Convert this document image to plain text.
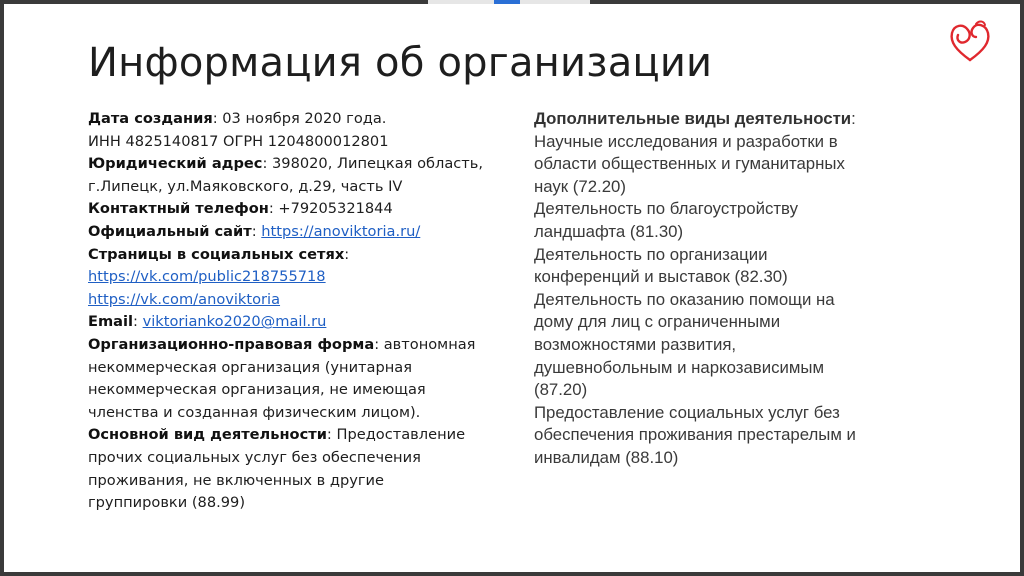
Информация об организации
Дата создания: 03 ноября 2020 года.
ИНН 4825140817 ОГРН 1204800012801
Юридический адрес: 398020, Липецкая область,
г.Липецк, ул.Маяковского, д.29, часть IV
Контактный телефон: +79205321844
Официальный сайт: https://anoviktoria.ru/
Страницы в социальных сетях:
https://vk.com/public218755718
https://vk.com/anoviktoria
Email: viktorianko2020@mail.ru
Организационно-правовая форма: автономная
некоммерческая организация (унитарная
некоммерческая организация, не имеющая
членства и созданная физическим лицом).
Основной вид деятельности: Предоставление
прочих социальных услуг без обеспечения
проживания, не включенных в другие
группировки (88.99)
Дополнительные виды деятельности:
Научные исследования и разработки в
области общественных и гуманитарных
наук (72.20)
Деятельность по благоустройству
ландшафта (81.30)
Деятельность по организации
конференций и выставок (82.30)
Деятельность по оказанию помощи на
дому для лиц с ограниченными
возможностями развития,
душевнобольным и наркозависимым
(87.20)
Предоставление социальных услуг без
обеспечения проживания престарелым и
инвалидам (88.10)
